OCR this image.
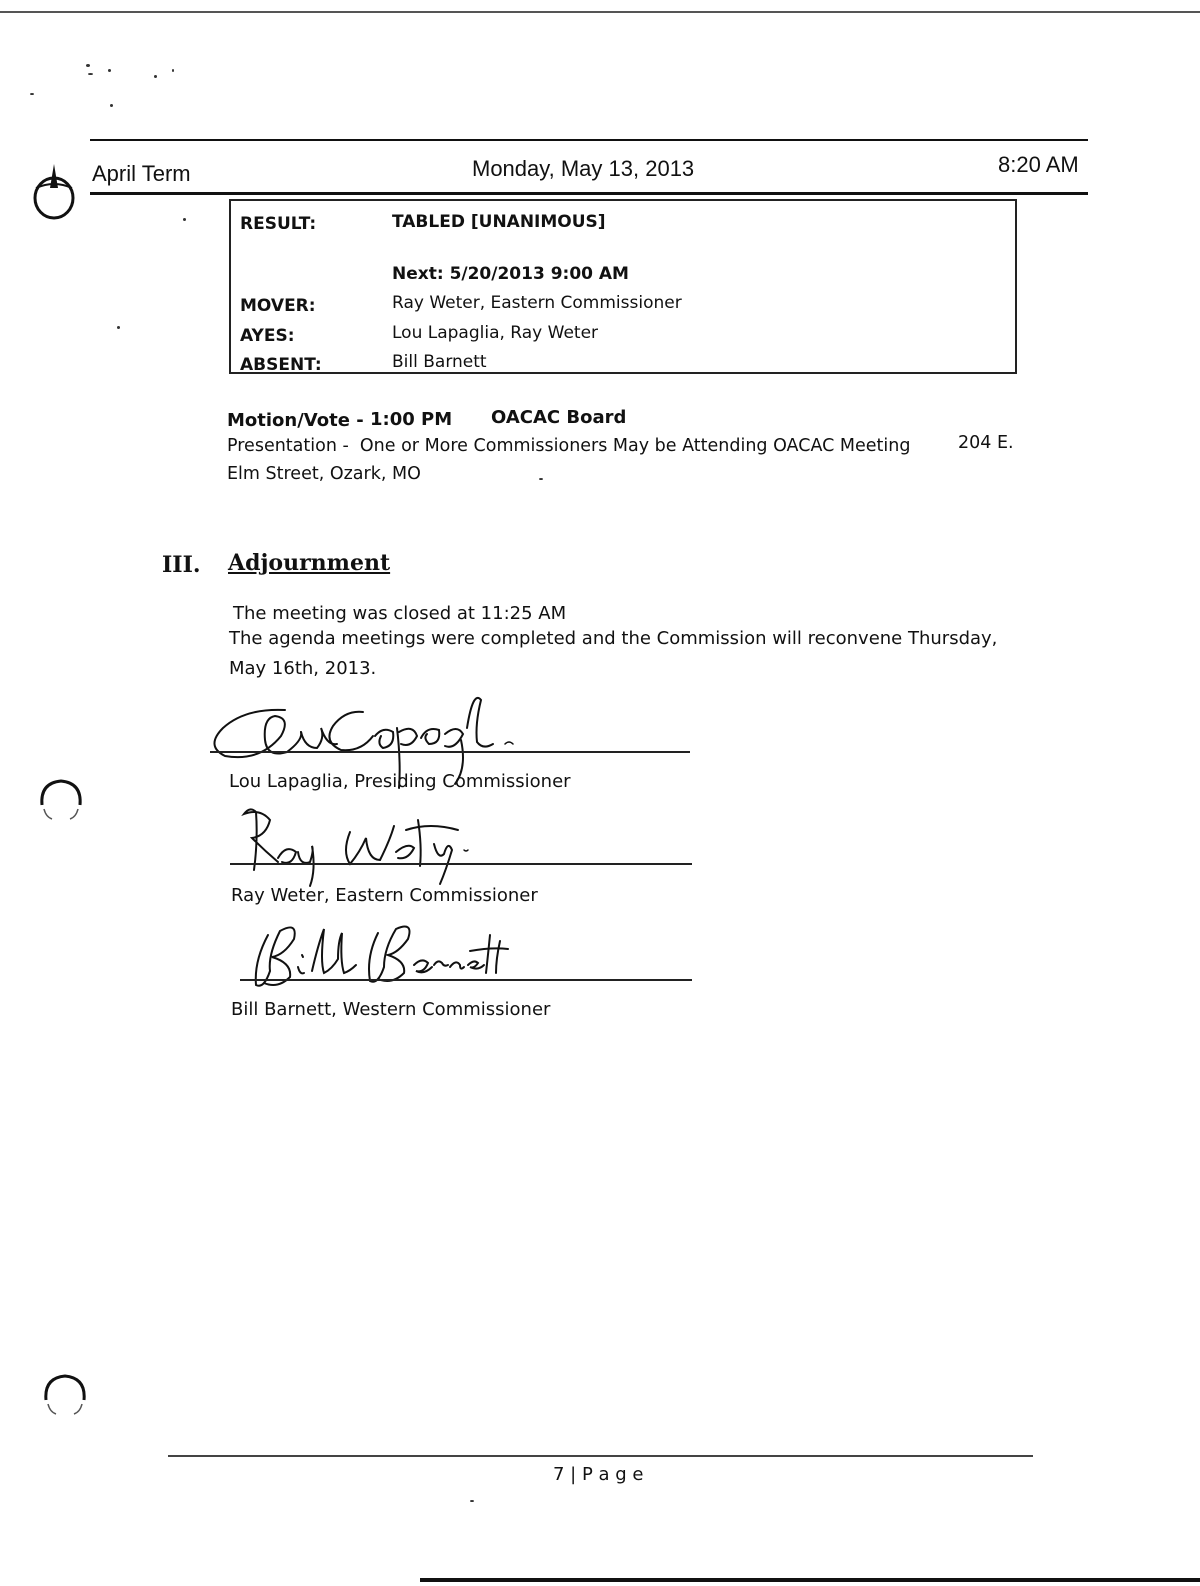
April Term	Monday, May 13, 2013	8:20 AM
RESULT:	TABLED [UNANIMOUS]
Next: 5/20/2013 9:00 AM
MOVER:	Ray Weter, Eastern Commissioner
AYES:	Lou Lapaglia, Ray Weter
ABSENT:	Bill Barnett
Motion/Vote - 1:00 PM OACAC Board
Presentation -  One or More Commissioners May be Attending OACAC Meeting	204 E.
Elm Street, Ozark, MO
III. Adjournment
The meeting was closed at 11:25 AM
The agenda meetings were completed and the Commission will reconvene Thursday,
May 16th, 2013.
Lou Lapaglia, Presiding Commissioner
Ray Weter, Eastern Commissioner
Bill Barnett, Western Commissioner
7 | P a g e
